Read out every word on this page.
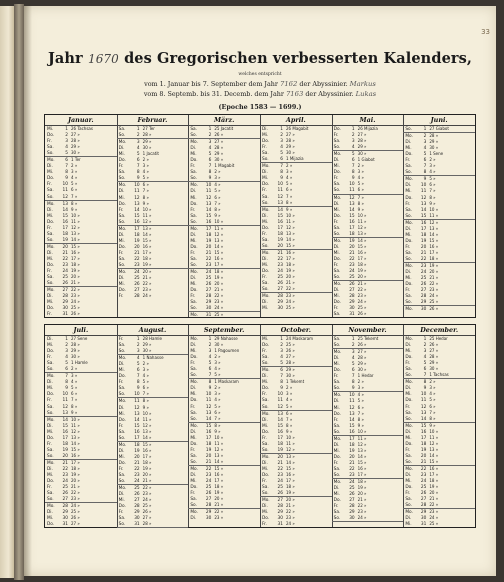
33
Jahr 1670 des Gregorischen verbesserten Kalenders,
welches entspricht
vom 1. Januar bis 7. September dem Jahr 7162 der Abyssinier. Markus
vom 8. Septemb. bis 31. Decemb. dem Jahr 7163 der Abyssinier. Lukas
(Epoche 1583 — 1699.)
Januar.
Mi.	1 26 Tachsas
Do.	2 27 »
Fr.	3 28 »
Sa.	4 29 »
So.	5 30 »
Mo. 6 1 Ter
Di.	7 2 »
Mi.	8 3 »
Do.	9 4 »
Fr. 10 5 »
Sa. 11 6 »
So. 12 7 »
Mo. 13 8 »
Di. 14 9 »
Mi. 15 10 »
Do. 16 11 »
Fr. 17 12 »
Sa. 18 13 »
So. 19 14 »
Mo. 20 15 »
Di. 21 16 »
Mi. 22 17 »
Do. 23 18 »
Fr. 24 19 »
Sa. 25 20 »
So. 26 21 »
Mo. 27 22 »
Di. 28 23 »
Mi. 29 24 »
Do. 30 25 »
Fr. 31 26 »
Februar.
Sa.	1 27 Ter
So.	2 28 »
Mo. 3 29 »
Di.	4 30 »
Mi.	5 1 Jacatit
Do.	6 2 »
Fr.	7 3 »
Sa.	8 4 »
So.	9 5 »
Mo. 10 6 »
Di. 11 7 »
Mi. 12 8 »
Do. 13 9 »
Fr. 14 10 »
Sa. 15 11 »
So. 16 12 »
Mo. 17 13 »
Di. 18 14 »
Mi. 19 15 »
Do. 20 16 »
Fr. 21 17 »
Sa. 22 18 »
So. 23 19 »
Mo. 24 20 »
Di. 25 21 »
Mi. 26 22 »
Do. 27 23 »
Fr. 28 24 »
März.
Sa.	1 25 Jacatit
So.	2 26 »
Mo. 3 27 »
Di.	4 28 »
Mi.	5 29 »
Do.	6 30 »
Fr.	7 1 Magabit
Sa.	8 2 »
So.	9 3 »
Mo. 10 4 »
Di. 11 5 »
Mi. 12 6 »
Do. 13 7 »
Fr. 14 8 »
Sa. 15 9 »
So. 16 10 »
Mo. 17 11 »
Di. 18 12 »
Mi. 19 13 »
Do. 20 14 »
Fr. 21 15 »
Sa. 22 16 »
So. 23 17 »
Mo. 24 18 »
Di. 25 19 »
Mi. 26 20 »
Do. 27 21 »
Fr. 28 22 »
Sa. 29 23 »
So. 30 24 »
Mo. 31 25 »
April.
Di.	1 26 Magabit
Mi.	2 27 »
Do.	3 28 »
Fr.	4 29 »
Sa.	5 30 »
So.	6 1 Mijazia
Mo. 7 2 »
Di.	8 3 »
Mi.	9 4 »
Do. 10 5 »
Fr. 11 6 »
Sa. 12 7 »
So. 13 8 »
Mo. 14 9 »
Di. 15 10 »
Mi. 16 11 »
Do. 17 12 »
Fr. 18 13 »
Sa. 19 14 »
So. 20 15 »
Mo. 21 16 »
Di. 22 17 »
Mi. 23 18 »
Do. 24 19 »
Fr. 25 20 »
Sa. 26 21 »
So. 27 22 »
Mo. 28 23 »
Di. 29 24 »
Mi. 30 25 »
Mai.
Do.	1 26 Mijazia
Fr.	2 27 »
Sa.	3 28 »
So.	4 29 »
Mo. 5 30 »
Di.	6 1 Giabot
Mi.	7 2 »
Do.	8 3 »
Fr.	9 4 »
Sa. 10 5 »
So. 11 6 »
Mo. 12 7 »
Di. 13 8 »
Mi. 14 9 »
Do. 15 10 »
Fr. 16 11 »
Sa. 17 12 »
So. 18 13 »
Mo. 19 14 »
Di. 20 15 »
Mi. 21 16 »
Do. 22 17 »
Fr. 23 18 »
Sa. 24 19 »
So. 25 20 »
Mo. 26 21 »
Di. 27 22 »
Mi. 28 23 »
Do. 29 24 »
Fr. 30 25 »
Sa. 31 26 »
Juni.
So.	1 27 Giabot
Mo. 2 28 »
Di.	3 29 »
Mi.	4 30 »
Do.	5 1 Sene
Fr.	6 2 »
Sa.	7 3 »
So.	8 4 »
Mo. 9 5 »
Di. 10 6 »
Mi. 11 7 »
Do. 12 8 »
Fr. 13 9 »
Sa. 14 10 »
So. 15 11 »
Mo. 16 12 »
Di. 17 13 »
Mi. 18 14 »
Do. 19 15 »
Fr. 20 16 »
Sa. 21 17 »
So. 22 18 »
Mo. 23 19 »
Di. 24 20 »
Mi. 25 21 »
Do. 26 22 »
Fr. 27 23 »
Sa. 28 24 »
So. 29 25 »
Mo. 30 26 »
Juli.
Di.	1 27 Sene
Mi.	2 28 »
Do.	3 29 »
Fr.	4 30 »
Sa.	5 1 Hamle
So.	6 2 »
Mo. 7 3 »
Di.	8 4 »
Mi.	9 5 »
Do. 10 6 »
Fr. 11 7 »
Sa. 12 8 »
So. 13 9 »
Mo. 14 10 »
Di. 15 11 »
Mi. 16 12 »
Do. 17 13 »
Fr. 18 14 »
Sa. 19 15 »
So. 20 16 »
Mo. 21 17 »
Di. 22 18 »
Mi. 23 19 »
Do. 24 20 »
Fr. 25 21 »
Sa. 26 22 »
So. 27 23 »
Mo. 28 24 »
Di. 29 25 »
Mi. 30 26 »
Do. 31 27 »
August.
Fr.	1 28 Hamle
Sa.	2 29 »
So.	3 30 »
Mo. 4 1 Nahasse
Di.	5 2 »
Mi.	6 3 »
Do.	7 4 »
Fr.	8 5 »
Sa.	9 6 »
So. 10 7 »
Mo. 11 8 »
Di. 12 9 »
Mi. 13 10 »
Do. 14 11 »
Fr. 15 12 »
Sa. 16 13 »
So. 17 14 »
Mo. 18 15 »
Di. 19 16 »
Mi. 20 17 »
Do. 21 18 »
Fr. 22 19 »
Sa. 23 20 »
So. 24 21 »
Mo. 25 22 »
Di. 26 23 »
Mi. 27 24 »
Do. 28 25 »
Fr. 29 26 »
Sa. 30 27 »
So. 31 28 »
September.
Mo. 1 29 Nahasse
Di.	2 30 »
Mi.	3 1 Pagoumen
Do.	4 2 »
Fr.	5 3 »
Sa.	6 4 »
So.	7 5 »
Mo. 8 1 Maskaram
Di.	9 2 »
Mi. 10 3 »
Do. 11 4 »
Fr. 12 5 »
Sa. 13 6 »
So. 14 7 »
Mo. 15 8 »
Di. 16 9 »
Mi. 17 10 »
Do. 18 11 »
Fr. 19 12 »
Sa. 20 13 »
So. 21 14 »
Mo. 22 15 »
Di. 23 16 »
Mi. 24 17 »
Do. 25 18 »
Fr. 26 19 »
Sa. 27 20 »
So. 28 21 »
Mo. 29 22 »
Di. 30 23 »
October.
Mi.	1 24 Maskaram
Do.	2 25 »
Fr.	3 26 »
Sa.	4 27 »
So.	5 28 »
Mo. 6 29 »
Di.	7 30 »
Mi.	8 1 Tekemt
Do.	9 2 »
Fr. 10 3 »
Sa. 11 4 »
So. 12 5 »
Mo. 13 6 »
Di. 14 7 »
Mi. 15 8 »
Do. 16 9 »
Fr. 17 10 »
Sa. 18 11 »
So. 19 12 »
Mo. 20 13 »
Di. 21 14 »
Mi. 22 15 »
Do. 23 16 »
Fr. 24 17 »
Sa. 25 18 »
So. 26 19 »
Mo. 27 20 »
Di. 28 21 »
Mi. 29 22 »
Do. 30 23 »
Fr. 31 24 »
November.
Sa.	1 25 Tekemt
So.	2 26 »
Mo. 3 27 »
Di.	4 28 »
Mi.	5 29 »
Do.	6 30 »
Fr.	7 1 Hedar
Sa.	8 2 »
So.	9 3 »
Mo. 10 4 »
Di. 11 5 »
Mi. 12 6 »
Do. 13 7 »
Fr. 14 8 »
Sa. 15 9 »
So. 16 10 »
Mo. 17 11 »
Di. 18 12 »
Mi. 19 13 »
Do. 20 14 »
Fr. 21 15 »
Sa. 22 16 »
So. 23 17 »
Mo. 24 18 »
Di. 25 19 »
Mi. 26 20 »
Do. 27 21 »
Fr. 28 22 »
Sa. 29 23 »
So. 30 24 »
December.
Mo. 1 25 Hedar
Di.	2 26 »
Mi.	3 27 »
Do.	4 28 »
Fr.	5 29 »
Sa.	6 30 »
So.	7 1 Tachsas
Mo. 8 2 »
Di.	9 3 »
Mi. 10 4 »
Do. 11 5 »
Fr. 12 6 »
Sa. 13 7 »
So. 14 8 »
Mo. 15 9 »
Di. 16 10 »
Mi. 17 11 »
Do. 18 12 »
Fr. 19 13 »
Sa. 20 14 »
So. 21 15 »
Mo. 22 16 »
Di. 23 17 »
Mi. 24 18 »
Do. 25 19 »
Fr. 26 20 »
Sa. 27 21 »
So. 28 22 »
Mo. 29 23 »
Di. 30 24 »
Mi. 31 25 »
